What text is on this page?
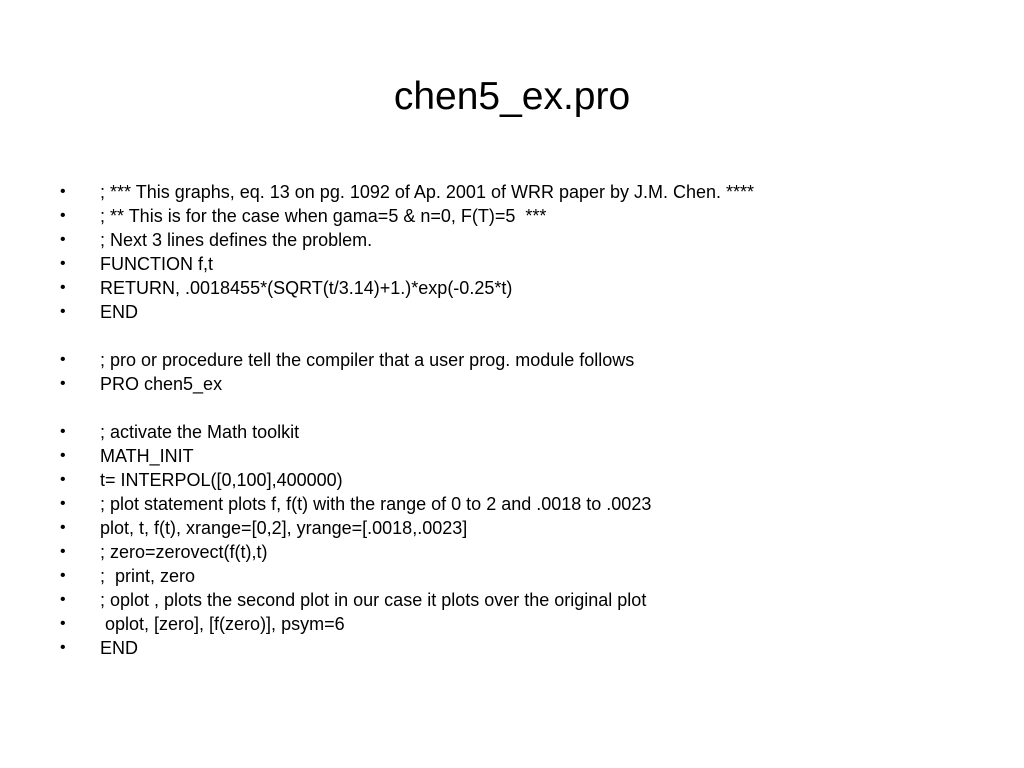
chen5_ex.pro

•

; *** This graphs, eq. 13 on pg. 1092 of Ap. 2001 of WRR paper by J.M. Chen. ****

•

; ** This is for the case when gama=5 & n=0, F(T)=5  ***

•

; Next 3 lines defines the problem.

•

FUNCTION f,t

•

RETURN, .0018455*(SQRT(t/3.14)+1.)*exp(-0.25*t)

•

END

•

; pro or procedure tell the compiler that a user prog. module follows

•

PRO chen5_ex

•

; activate the Math toolkit

•

MATH_INIT

•

t= INTERPOL([0,100],400000)

•

; plot statement plots f, f(t) with the range of 0 to 2 and .0018 to .0023

•

plot, t, f(t), xrange=[0,2], yrange=[.0018,.0023]

•

; zero=zerovect(f(t),t)

•

;  print, zero

•

; oplot , plots the second plot in our case it plots over the original plot

•

oplot, [zero], [f(zero)], psym=6

•

END
